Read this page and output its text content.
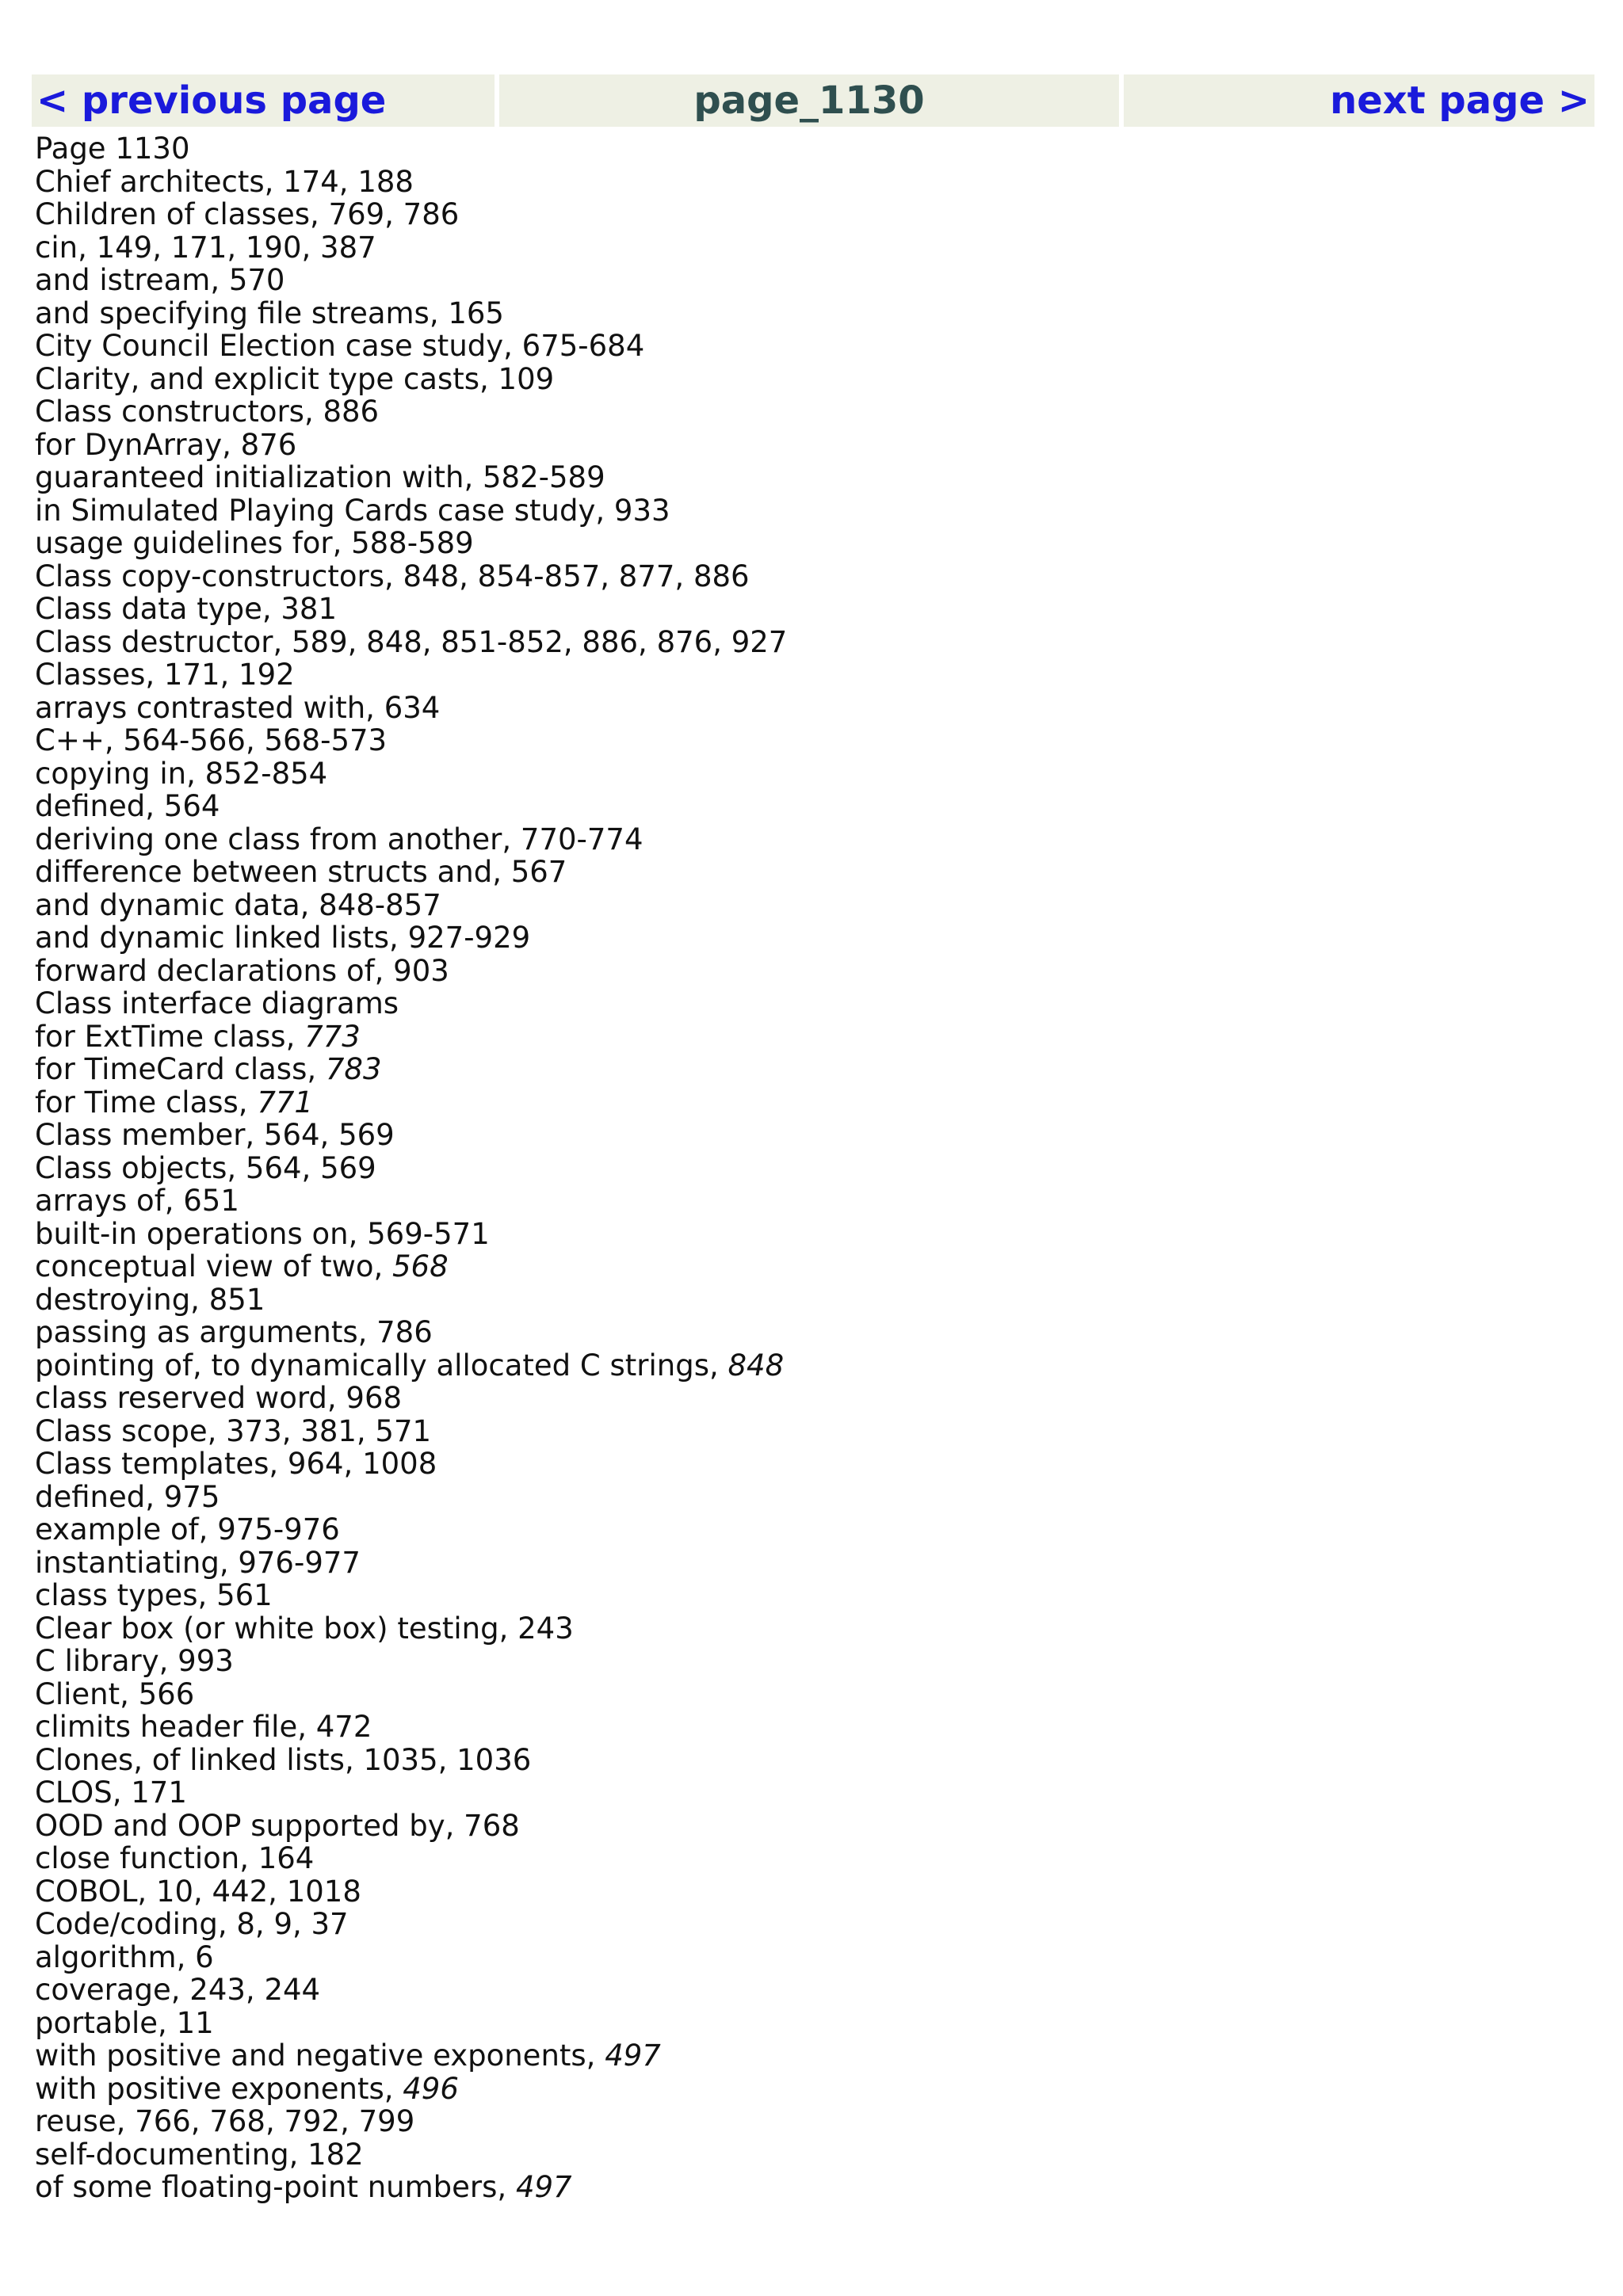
< previous page	page_1130	next page >
Page 1130
Chief architects, 174, 188
Children of classes, 769, 786
cin, 149, 171, 190, 387
and istream, 570
and specifying file streams, 165
City Council Election case study, 675-684
Clarity, and explicit type casts, 109
Class constructors, 886
for DynArray, 876
guaranteed initialization with, 582-589
in Simulated Playing Cards case study, 933
usage guidelines for, 588-589
Class copy-constructors, 848, 854-857, 877, 886
Class data type, 381
Class destructor, 589, 848, 851-852, 886, 876, 927
Classes, 171, 192
arrays contrasted with, 634
C++, 564-566, 568-573
copying in, 852-854
defined, 564
deriving one class from another, 770-774
difference between structs and, 567
and dynamic data, 848-857
and dynamic linked lists, 927-929
forward declarations of, 903
Class interface diagrams
for ExtTime class, 773
for TimeCard class, 783
for Time class, 771
Class member, 564, 569
Class objects, 564, 569
arrays of, 651
built-in operations on, 569-571
conceptual view of two, 568
destroying, 851
passing as arguments, 786
pointing of, to dynamically allocated C strings, 848
class reserved word, 968
Class scope, 373, 381, 571
Class templates, 964, 1008
defined, 975
example of, 975-976
instantiating, 976-977
class types, 561
Clear box (or white box) testing, 243
C library, 993
Client, 566
climits header file, 472
Clones, of linked lists, 1035, 1036
CLOS, 171
OOD and OOP supported by, 768
close function, 164
COBOL, 10, 442, 1018
Code/coding, 8, 9, 37
algorithm, 6
coverage, 243, 244
portable, 11
with positive and negative exponents, 497
with positive exponents, 496
reuse, 766, 768, 792, 799
self-documenting, 182
of some floating-point numbers, 497
